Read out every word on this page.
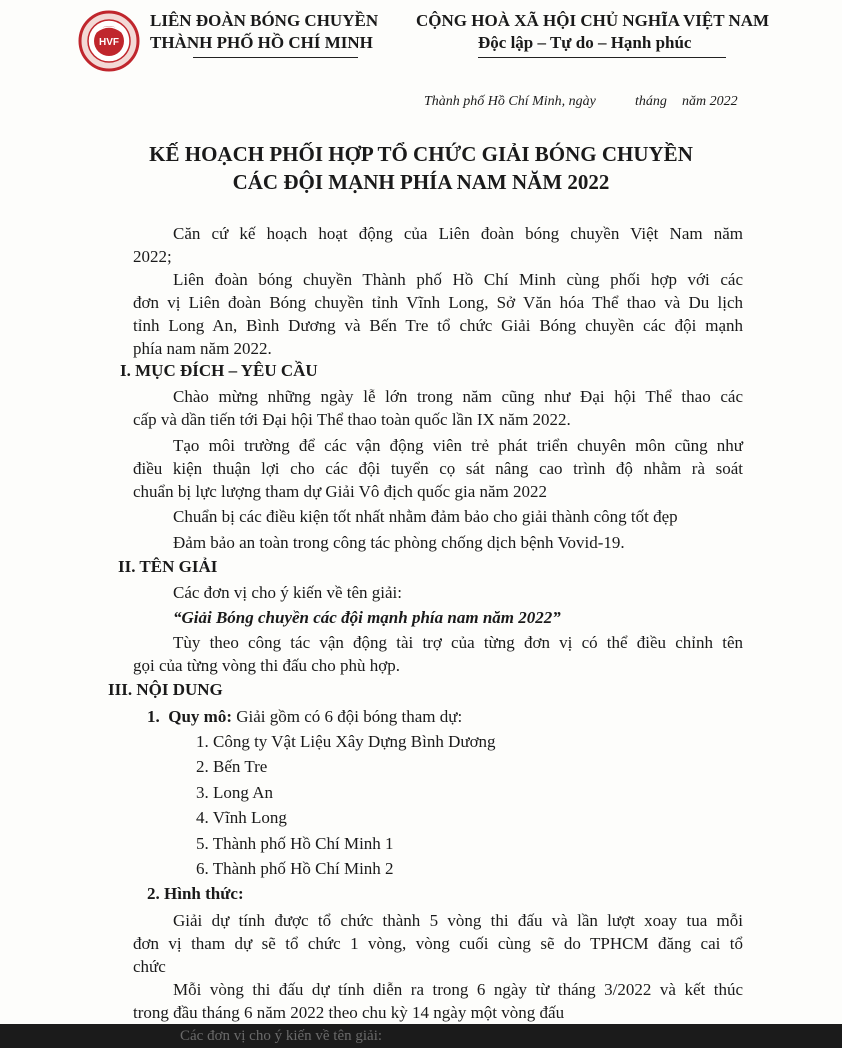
HVF
LIÊN ĐOÀN BÓNG CHUYỀN
THÀNH PHỐ HỒ CHÍ MINH
CỘNG HOÀ XÃ HỘI CHỦ NGHĨA VIỆT NAM
Độc lập – Tự do – Hạnh phúc
Thành phố Hồ Chí Minh, ngày	tháng năm 2022
KẾ HOẠCH PHỐI HỢP TỔ CHỨC GIẢI BÓNG CHUYỀN
CÁC ĐỘI MẠNH PHÍA NAM NĂM 2022
Căn cứ kế hoạch hoạt động của Liên đoàn bóng chuyền Việt Nam năm
2022;
Liên đoàn bóng chuyền Thành phố Hồ Chí Minh cùng phối hợp với các
đơn vị Liên đoàn Bóng chuyền tỉnh Vĩnh Long, Sở Văn hóa Thể thao và Du lịch
tỉnh Long An, Bình Dương và Bến Tre tổ chức Giải Bóng chuyền các đội mạnh
phía nam năm 2022.
I. MỤC ĐÍCH – YÊU CẦU
Chào mừng những ngày lễ lớn trong năm cũng như Đại hội Thể thao các
cấp và dần tiến tới Đại hội Thể thao toàn quốc lần IX năm 2022.
Tạo môi trường để các vận động viên trẻ phát triển chuyên môn cũng như
điều kiện thuận lợi cho các đội tuyển cọ sát nâng cao trình độ nhằm rà soát
chuẩn bị lực lượng tham dự Giải Vô địch quốc gia năm 2022
Chuẩn bị các điều kiện tốt nhất nhằm đảm bảo cho giải thành công tốt đẹp
Đảm bảo an toàn trong công tác phòng chống dịch bệnh Vovid-19.
II. TÊN GIẢI
Các đơn vị cho ý kiến về tên giải:
“Giải Bóng chuyền các đội mạnh phía nam năm 2022”
Tùy theo công tác vận động tài trợ của từng đơn vị có thể điều chỉnh tên
gọi của từng vòng thi đấu cho phù hợp.
III. NỘI DUNG
1. Quy mô: Giải gồm có 6 đội bóng tham dự:
1. Công ty Vật Liệu Xây Dựng Bình Dương
2. Bến Tre
3. Long An
4. Vĩnh Long
5. Thành phố Hồ Chí Minh 1
6. Thành phố Hồ Chí Minh 2
2. Hình thức:
Giải dự tính được tổ chức thành 5 vòng thi đấu và lần lượt xoay tua mỗi
đơn vị tham dự sẽ tổ chức 1 vòng, vòng cuối cùng sẽ do TPHCM đăng cai tổ
chức
Mỗi vòng thi đấu dự tính diễn ra trong 6 ngày từ tháng 3/2022 và kết thúc
trong đầu tháng 6 năm 2022 theo chu kỳ 14 ngày một vòng đấu
Các đơn vị cho ý kiến về tên giải:
